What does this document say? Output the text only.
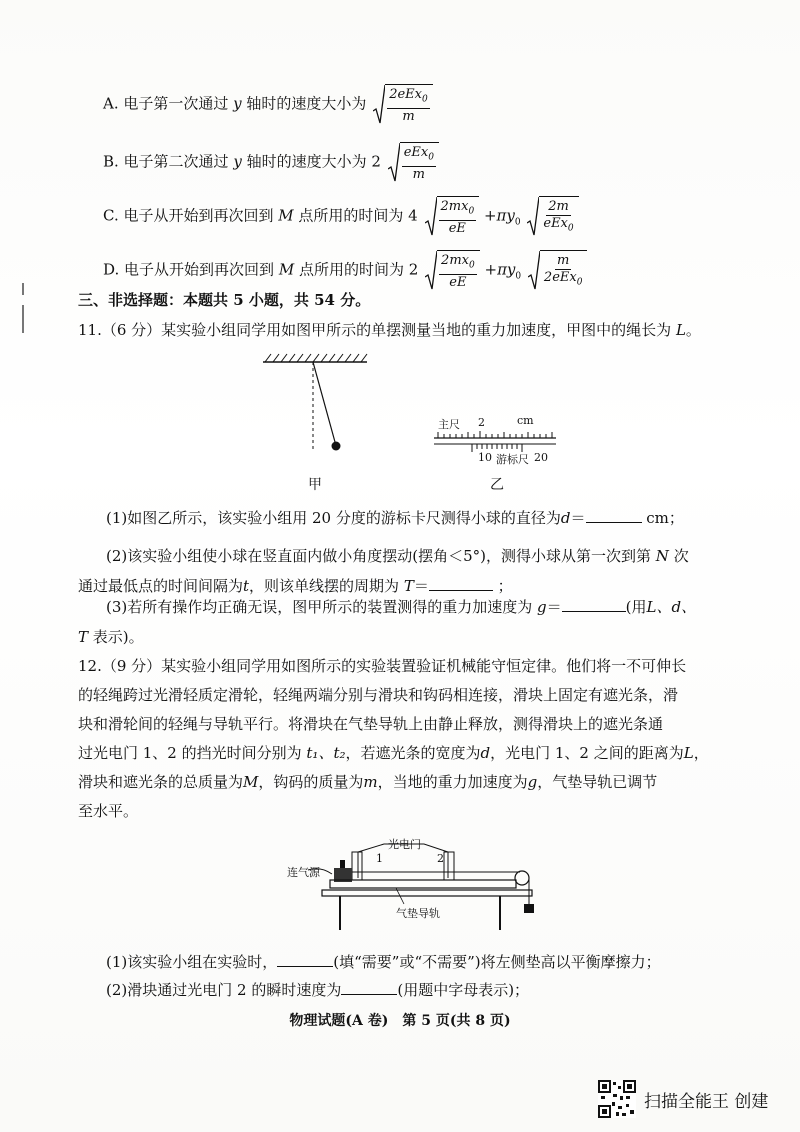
A. 电子第一次通过 y 轴时的速度大小为 $\frac{2eEx_0}{m}$
B. 电子第二次通过 y 轴时的速度大小为 $2 \frac{eEx_0}{m}$
C. 电子从开始到再次回到 M 点所用的时间为 $4 \frac{2mx_0}{eE} +\pi y_0 \frac{2m}{eEx_0}$
D. 电子从开始到再次回到 M 点所用的时间为 $2 \frac{2mx_0}{eE} +\pi y_0 \frac{m}{2eEx_0}$
三、非选择题：本题共 5 小题，共 54 分。
11.（6 分）某实验小组同学用如图甲所示的单摆测量当地的重力加速度，甲图中的绳长为 L。
甲
主尺 2	cm
10 游标尺 20
乙
(1)如图乙所示，该实验小组用 20 分度的游标卡尺测得小球的直径为d＝	cm；
(2)该实验小组使小球在竖直面内做小角度摆动(摆角＜5°)，测得小球从第一次到第 N 次
通过最低点的时间间隔为t，则该单线摆的周期为 T＝	；
(3)若所有操作均正确无误，图甲所示的装置测得的重力加速度为 g＝	(用L、d、
T 表示)。
12.（9 分）某实验小组同学用如图所示的实验装置验证机械能守恒定律。他们将一不可伸长
的轻绳跨过光滑轻质定滑轮，轻绳两端分别与滑块和钩码相连接，滑块上固定有遮光条，滑
块和滑轮间的轻绳与导轨平行。将滑块在气垫导轨上由静止释放，测得滑块上的遮光条通
过光电门 1、2 的挡光时间分别为 t₁、t₂，若遮光条的宽度为d，光电门 1、2 之间的距离为L，
滑块和遮光条的总质量为M，钩码的质量为m，当地的重力加速度为g，气垫导轨已调节
至水平。
光电门
1	2
连气源
气垫导轨
(1)该实验小组在实验时，	(填“需要”或“不需要”)将左侧垫高以平衡摩擦力；
(2)滑块通过光电门 2 的瞬时速度为	(用题中字母表示)；
物理试题(A 卷)　第 5 页(共 8 页)
扫描全能王 创建
